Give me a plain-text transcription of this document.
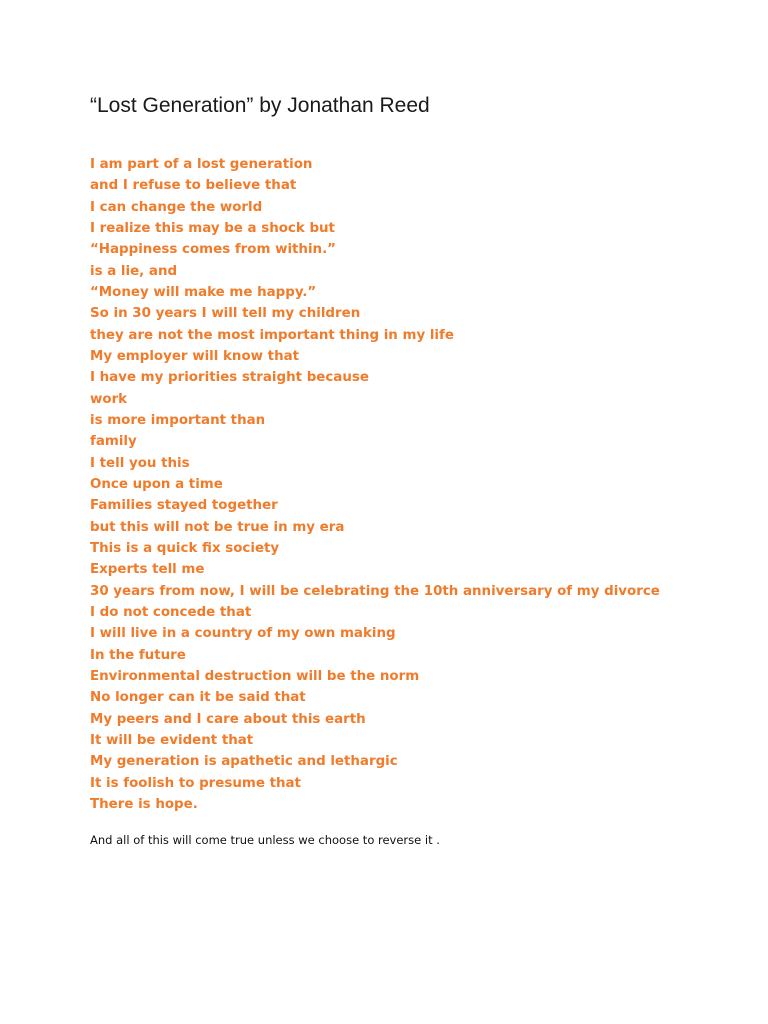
“Lost Generation” by Jonathan Reed
I am part of a lost generation
and I refuse to believe that
I can change the world
I realize this may be a shock but
“Happiness comes from within.”
is a lie, and
“Money will make me happy.”
So in 30 years I will tell my children
they are not the most important thing in my life
My employer will know that
I have my priorities straight because
work
is more important than
family
I tell you this
Once upon a time
Families stayed together
but this will not be true in my era
This is a quick fix society
Experts tell me
30 years from now, I will be celebrating the 10th anniversary of my divorce
I do not concede that
I will live in a country of my own making
In the future
Environmental destruction will be the norm
No longer can it be said that
My peers and I care about this earth
It will be evident that
My generation is apathetic and lethargic
It is foolish to presume that
There is hope.

And all of this will come true unless we choose to reverse it .
